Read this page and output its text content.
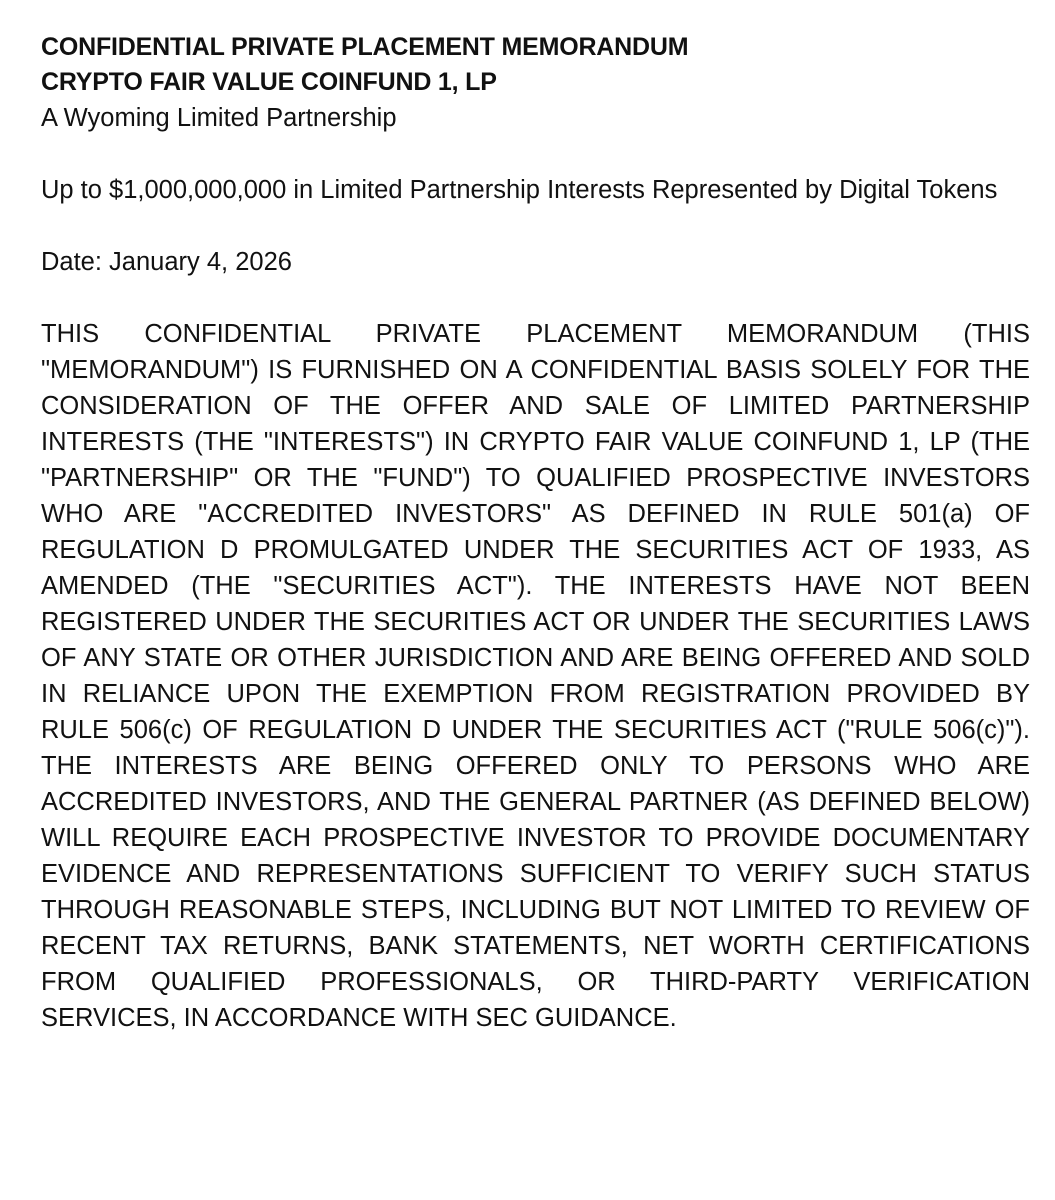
CONFIDENTIAL PRIVATE PLACEMENT MEMORANDUM

CRYPTO FAIR VALUE COINFUND 1, LP

A Wyoming Limited Partnership

Up to $1,000,000,000 in Limited Partnership Interests Represented by Digital Tokens
Date: January 4, 2026
THIS CONFIDENTIAL PRIVATE PLACEMENT MEMORANDUM (THIS "MEMORANDUM") IS FURNISHED ON A CONFIDENTIAL BASIS SOLELY FOR THE CONSIDERATION OF THE OFFER AND SALE OF LIMITED PARTNERSHIP INTERESTS (THE "INTERESTS") IN CRYPTO FAIR VALUE COINFUND 1, LP (THE "PARTNERSHIP" OR THE "FUND") TO QUALIFIED PROSPECTIVE INVESTORS WHO ARE "ACCREDITED INVESTORS" AS DEFINED IN RULE 501(a) OF REGULATION D PROMULGATED UNDER THE SECURITIES ACT OF 1933, AS AMENDED (THE "SECURITIES ACT"). THE INTERESTS HAVE NOT BEEN REGISTERED UNDER THE SECURITIES ACT OR UNDER THE SECURITIES LAWS OF ANY STATE OR OTHER JURISDICTION AND ARE BEING OFFERED AND SOLD IN RELIANCE UPON THE EXEMPTION FROM REGISTRATION PROVIDED BY RULE 506(c) OF REGULATION D UNDER THE SECURITIES ACT ("RULE 506(c)"). THE INTERESTS ARE BEING OFFERED ONLY TO PERSONS WHO ARE ACCREDITED INVESTORS, AND THE GENERAL PARTNER (AS DEFINED BELOW) WILL REQUIRE EACH PROSPECTIVE INVESTOR TO PROVIDE DOCUMENTARY EVIDENCE AND REPRESENTATIONS SUFFICIENT TO VERIFY SUCH STATUS THROUGH REASONABLE STEPS, INCLUDING BUT NOT LIMITED TO REVIEW OF RECENT TAX RETURNS, BANK STATEMENTS, NET WORTH CERTIFICATIONS FROM QUALIFIED PROFESSIONALS, OR THIRD-PARTY VERIFICATION SERVICES, IN ACCORDANCE WITH SEC GUIDANCE.
